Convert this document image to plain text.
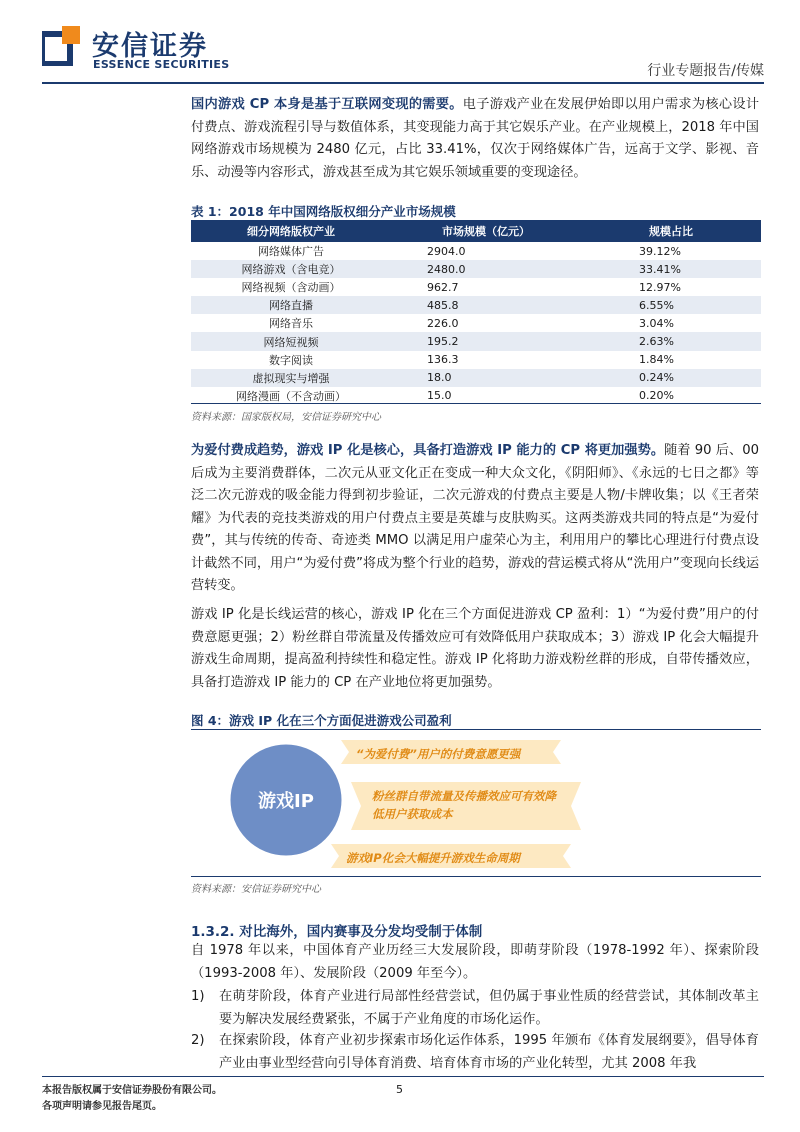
安信证券
ESSENCE SECURITIES	行业专题报告/传媒
国内游戏 CP 本身是基于互联网变现的需要。电子游戏产业在发展伊始即以用户需求为核心设计付费点、游戏流程引导与数值体系，其变现能力高于其它娱乐产业。在产业规模上，2018 年中国网络游戏市场规模为 2480 亿元，占比 33.41%，仅次于网络媒体广告，远高于文学、影视、音乐、动漫等内容形式，游戏甚至成为其它娱乐领域重要的变现途径。
表 1：2018 年中国网络版权细分产业市场规模
细分网络版权产业	市场规模（亿元）	规模占比
网络媒体广告	2904.0	39.12%
网络游戏（含电竞）	2480.0	33.41%
网络视频（含动画）	962.7	12.97%
网络直播	485.8	6.55%
网络音乐	226.0	3.04%
网络短视频	195.2	2.63%
数字阅读	136.3	1.84%
虚拟现实与增强	18.0	0.24%
网络漫画（不含动画）	15.0	0.20%
资料来源：国家版权局，安信证券研究中心
为爱付费成趋势，游戏 IP 化是核心，具备打造游戏 IP 能力的 CP 将更加强势。随着 90 后、00 后成为主要消费群体，二次元从亚文化正在变成一种大众文化，《阴阳师》、《永远的七日之都》等泛二次元游戏的吸金能力得到初步验证，二次元游戏的付费点主要是人物/卡牌收集；以《王者荣耀》为代表的竞技类游戏的用户付费点主要是英雄与皮肤购买。这两类游戏共同的特点是“为爱付费”，其与传统的传奇、奇迹类 MMO 以满足用户虚荣心为主，利用用户的攀比心理进行付费点设计截然不同，用户“为爱付费”将成为整个行业的趋势，游戏的营运模式将从“洗用户”变现向长线运营转变。
游戏 IP 化是长线运营的核心，游戏 IP 化在三个方面促进游戏 CP 盈利：1）“为爱付费”用户的付费意愿更强；2）粉丝群自带流量及传播效应可有效降低用户获取成本；3）游戏 IP 化会大幅提升游戏生命周期，提高盈利持续性和稳定性。游戏 IP 化将助力游戏粉丝群的形成，自带传播效应，具备打造游戏 IP 能力的 CP 在产业地位将更加强势。
图 4：游戏 IP 化在三个方面促进游戏公司盈利
游戏IP
“为爱付费”用户的付费意愿更强
粉丝群自带流量及传播效应可有效降低用户获取成本
游戏IP化会大幅提升游戏生命周期
资料来源：安信证券研究中心
1.3.2. 对比海外，国内赛事及分发均受制于体制
自 1978 年以来，中国体育产业历经三大发展阶段，即萌芽阶段（1978-1992 年）、探索阶段（1993-2008 年）、发展阶段（2009 年至今）。
1) 在萌芽阶段，体育产业进行局部性经营尝试，但仍属于事业性质的经营尝试，其体制改革主要为解决发展经费紧张，不属于产业角度的市场化运作。
2) 在探索阶段，体育产业初步探索市场化运作体系，1995 年颁布《体育发展纲要》，倡导体育产业由事业型经营向引导体育消费、培育体育市场的产业化转型，尤其 2008 年我
本报告版权属于安信证券股份有限公司。
各项声明请参见报告尾页。
5
